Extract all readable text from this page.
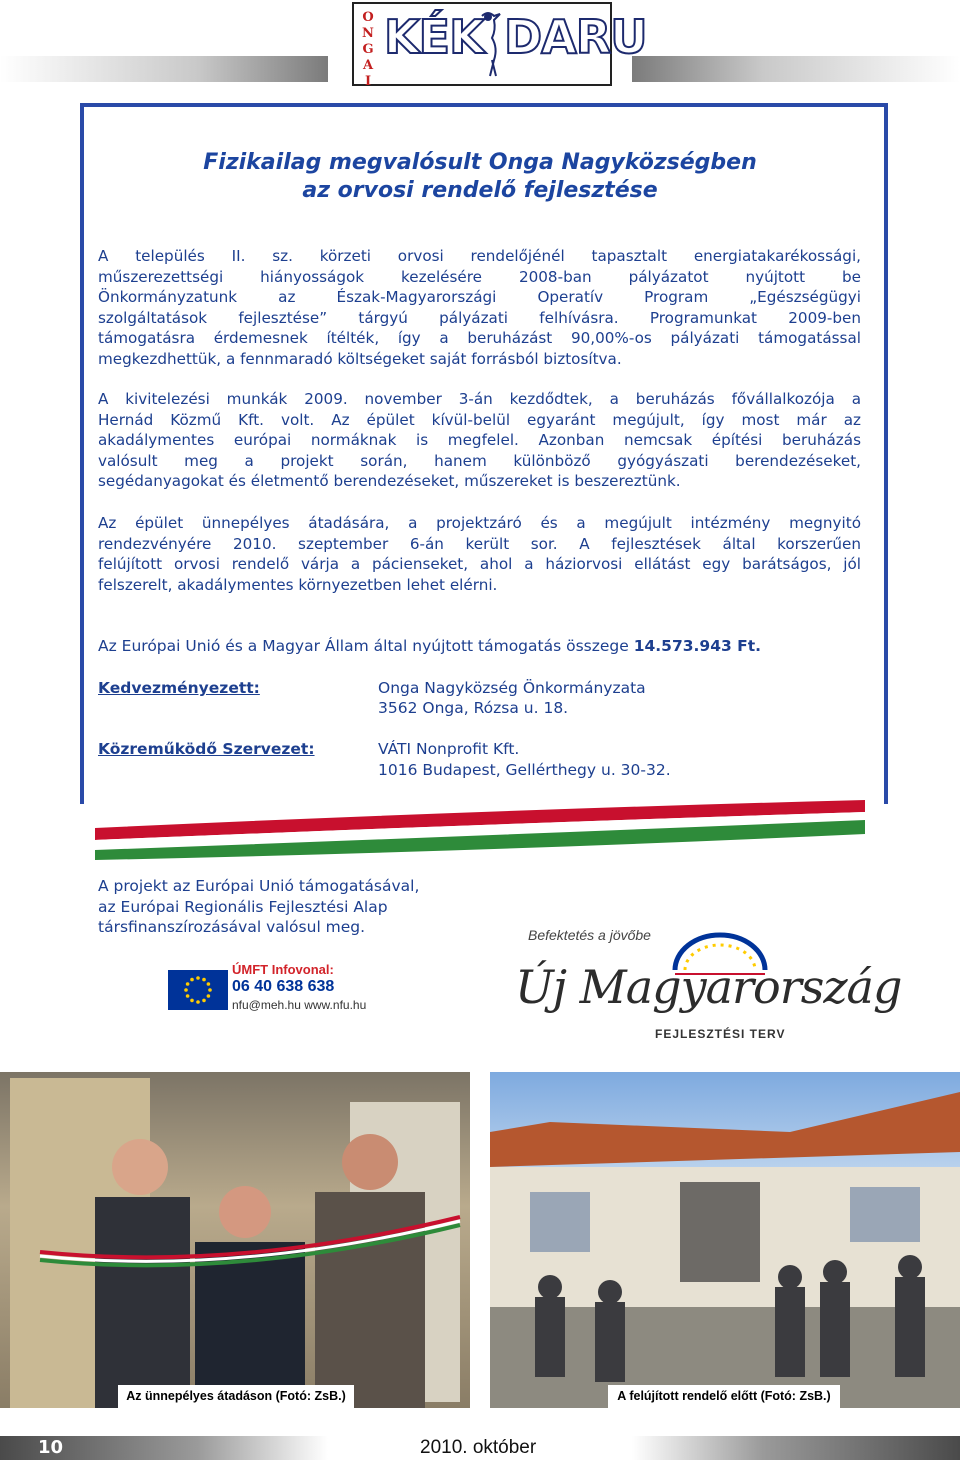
O
N
G
A
I
KÉK DARU
Fizikailag megvalósult Onga Nagyközségben
az orvosi rendelő fejlesztése
A település II. sz. körzeti orvosi rendelőjénél tapasztalt energiatakarékossági,
műszerezettségi hiányosságok kezelésére 2008-ban pályázatot nyújtott be
Önkormányzatunk az Észak-Magyarországi Operatív Program „Egészségügyi
szolgáltatások fejlesztése” tárgyú pályázati felhívásra. Programunkat 2009-ben
támogatásra érdemesnek ítélték, így a beruházást 90,00%-os pályázati támogatással
megkezdhettük, a fennmaradó költségeket saját forrásból biztosítva.
A kivitelezési munkák 2009. november 3-án kezdődtek, a beruházás fővállalkozója a
Hernád Közmű Kft. volt. Az épület kívül-belül egyaránt megújult, így most már az
akadálymentes európai normáknak is megfelel. Azonban nemcsak építési beruházás
valósult meg a projekt során, hanem különböző gyógyászati berendezéseket,
segédanyagokat és életmentő berendezéseket, műszereket is beszereztünk.
Az épület ünnepélyes átadására, a projektzáró és a megújult intézmény megnyitó
rendezvényére 2010. szeptember 6-án került sor. A fejlesztések által korszerűen
felújított orvosi rendelő várja a pácienseket, ahol a háziorvosi ellátást egy barátságos, jól
felszerelt, akadálymentes környezetben lehet elérni.
Az Európai Unió és a Magyar Állam által nyújtott támogatás összege 14.573.943 Ft.
Kedvezményezett:	Onga Nagyközség Önkormányzata
3562 Onga, Rózsa u. 18.
Közreműködő Szervezet:	VÁTI Nonprofit Kft.
1016 Budapest, Gellérthegy u. 30-32.
A projekt az Európai Unió támogatásával,
az Európai Regionális Fejlesztési Alap
társfinanszírozásával valósul meg.
ÚMFT Infovonal:
06 40 638 638
nfu@meh.hu www.nfu.hu
Befektetés a jövőbe
Új Magyarország
FEJLESZTÉSI TERV
Az ünnepélyes átadáson (Fotó: ZsB.)	A felújított rendelő előtt (Fotó: ZsB.)
10	2010. október
